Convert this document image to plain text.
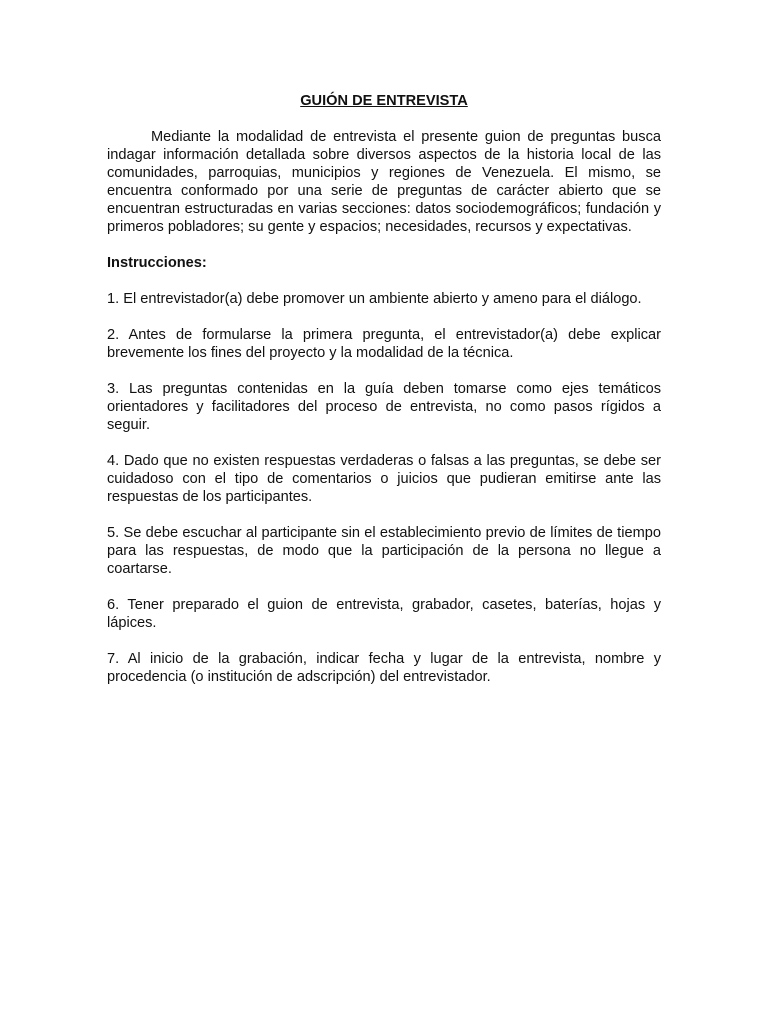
GUIÓN DE ENTREVISTA

Mediante la modalidad de entrevista el presente guion de preguntas busca indagar información detallada sobre diversos aspectos de la historia local de las comunidades, parroquias, municipios y regiones de Venezuela. El mismo, se encuentra conformado por una serie de preguntas de carácter abierto que se encuentran estructuradas en varias secciones: datos sociodemográficos; fundación y primeros pobladores; su gente y espacios; necesidades, recursos y expectativas.

Instrucciones:

1. El entrevistador(a) debe promover un ambiente abierto y ameno para el diálogo.

2. Antes de formularse la primera pregunta, el entrevistador(a) debe explicar brevemente los fines del proyecto y la modalidad de la técnica.

3. Las preguntas contenidas en la guía deben tomarse como ejes temáticos orientadores y facilitadores del proceso de entrevista, no como pasos rígidos a seguir.

4. Dado que no existen respuestas verdaderas o falsas a las preguntas, se debe ser cuidadoso con el tipo de comentarios o juicios que pudieran emitirse ante las respuestas de los participantes.

5. Se debe escuchar al participante sin el establecimiento previo de límites de tiempo para las respuestas, de modo que la participación de la persona no llegue a coartarse.

6. Tener preparado el guion de entrevista, grabador, casetes, baterías, hojas y lápices.

7. Al inicio de la grabación, indicar fecha y lugar de la entrevista, nombre y procedencia (o institución de adscripción) del entrevistador.
